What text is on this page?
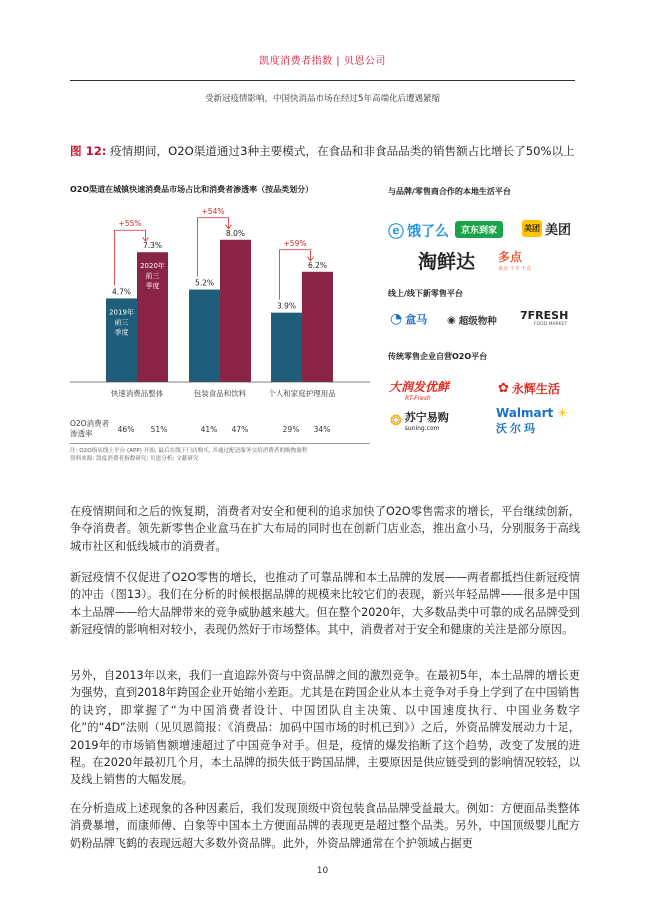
凯度消费者指数 | 贝恩公司
受新冠疫情影响，中国快消品市场在经过5年高端化后遭遇紧缩
图 12: 疫情期间，O2O渠道通过3种主要模式，在食品和非食品品类的销售额占比增长了50%以上
O2O渠道在城镇快速消费品市场占比和消费者渗透率（按品类划分）
4.7%
7.3%
+55%
快速消费品整体
5.2%
8.0%
+54%
包装食品和饮料
3.9%
6.2%
+59%
个人和家庭护理用品
2019年
前三
季度
2020年
前三
季度
O2O消费者
渗透率	46%	51%	41%	47%	29%	34%
注: O2O指从线上平台 (APP) 开始, 最后在线下门店购买, 并通过配送服务交给消费者的购物旅程
资料来源: 凯度消费者指数研究; 贝恩分析; 文献研究
与品牌/零售商合作的本地生活平台
ⓔ 饿了么	京东到家	美团 美团
淘鲜达 多点
多点 千平 千点
线上/线下新零售平台
◔ 盒马 ◉ 超级物种 7FRESH
FOOD MARKET
传统零售企业自营O2O平台
大润发优鲜
RT-Fresh
✿ 永辉生活
❂ 苏宁易购
suning.com
Walmart ✳
沃尔玛
在疫情期间和之后的恢复期，消费者对安全和便利的追求加快了O2O零售需求的增长，平台继续创新，争夺消费者。领先新零售企业盒马在扩大布局的同时也在创新门店业态，推出盒小马，分别服务于高线城市社区和低线城市的消费者。
新冠疫情不仅促进了O2O零售的增长，也推动了可靠品牌和本土品牌的发展——两者都抵挡住新冠疫情的冲击（图13）。我们在分析的时候根据品牌的规模来比较它们的表现，新兴年轻品牌——很多是中国本土品牌——给大品牌带来的竞争威胁越来越大。但在整个2020年，大多数品类中可靠的成名品牌受到新冠疫情的影响相对较小，表现仍然好于市场整体。其中，消费者对于安全和健康的关注是部分原因。
另外，自2013年以来，我们一直追踪外资与中资品牌之间的激烈竞争。在最初5年，本土品牌的增长更为强势，直到2018年跨国企业开始缩小差距。尤其是在跨国企业从本土竞争对手身上学到了在中国销售的诀窍，即掌握了“为中国消费者设计、中国团队自主决策、以中国速度执行、中国业务数字化”的“4D”法则（见贝恩简报：《消费品：加码中国市场的时机已到》）之后，外资品牌发展动力十足，2019年的市场销售额增速超过了中国竞争对手。但是，疫情的爆发掐断了这个趋势，改变了发展的进程。在2020年最初几个月，本土品牌的损失低于跨国品牌，主要原因是供应链受到的影响情况较轻，以及线上销售的大幅发展。
在分析造成上述现象的各种因素后，我们发现顶级中资包装食品品牌受益最大。例如：方便面品类整体消费暴增，而康师傅、白象等中国本土方便面品牌的表现更是超过整个品类。另外，中国顶级婴儿配方奶粉品牌飞鹤的表现远超大多数外资品牌。此外，外资品牌通常在个护领域占据更
10
